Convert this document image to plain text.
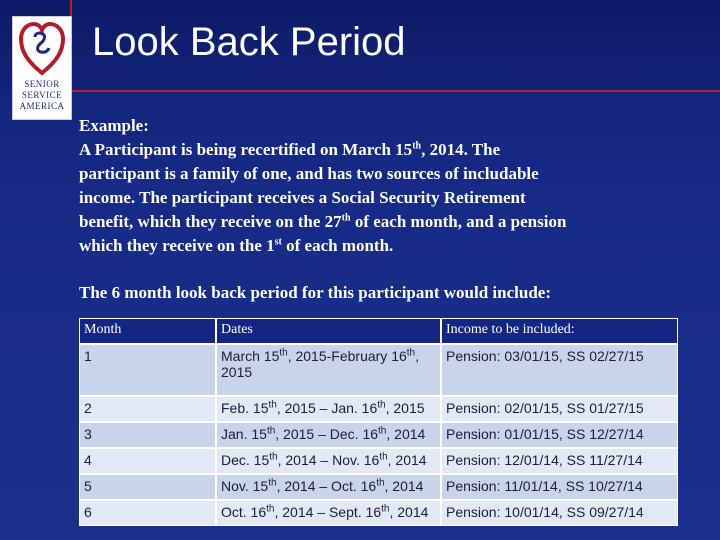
SENIOR
SERVICE
AMERICA
Look Back Period

Example:

A Participant is being recertified on March 15th, 2014. The

participant is a family of one, and has two sources of includable

income. The participant receives a Social Security Retirement

benefit, which they receive on the 27th of each month, and a pension

which they receive on the 1st of each month.

The 6 month look back period for this participant would include:
Month	Dates	Income to be included:
1	March 15th, 2015-February 16th, 2015	Pension: 03/01/15, SS 02/27/15
2	Feb. 15th, 2015 – Jan. 16th, 2015	Pension: 02/01/15, SS 01/27/15
3	Jan. 15th, 2015 – Dec. 16th, 2014	Pension: 01/01/15, SS 12/27/14
4	Dec. 15th, 2014 – Nov. 16th, 2014	Pension: 12/01/14, SS 11/27/14
5	Nov. 15th, 2014 – Oct. 16th, 2014	Pension: 11/01/14, SS 10/27/14
6	Oct. 16th, 2014 – Sept. 16th, 2014	Pension: 10/01/14, SS 09/27/14
